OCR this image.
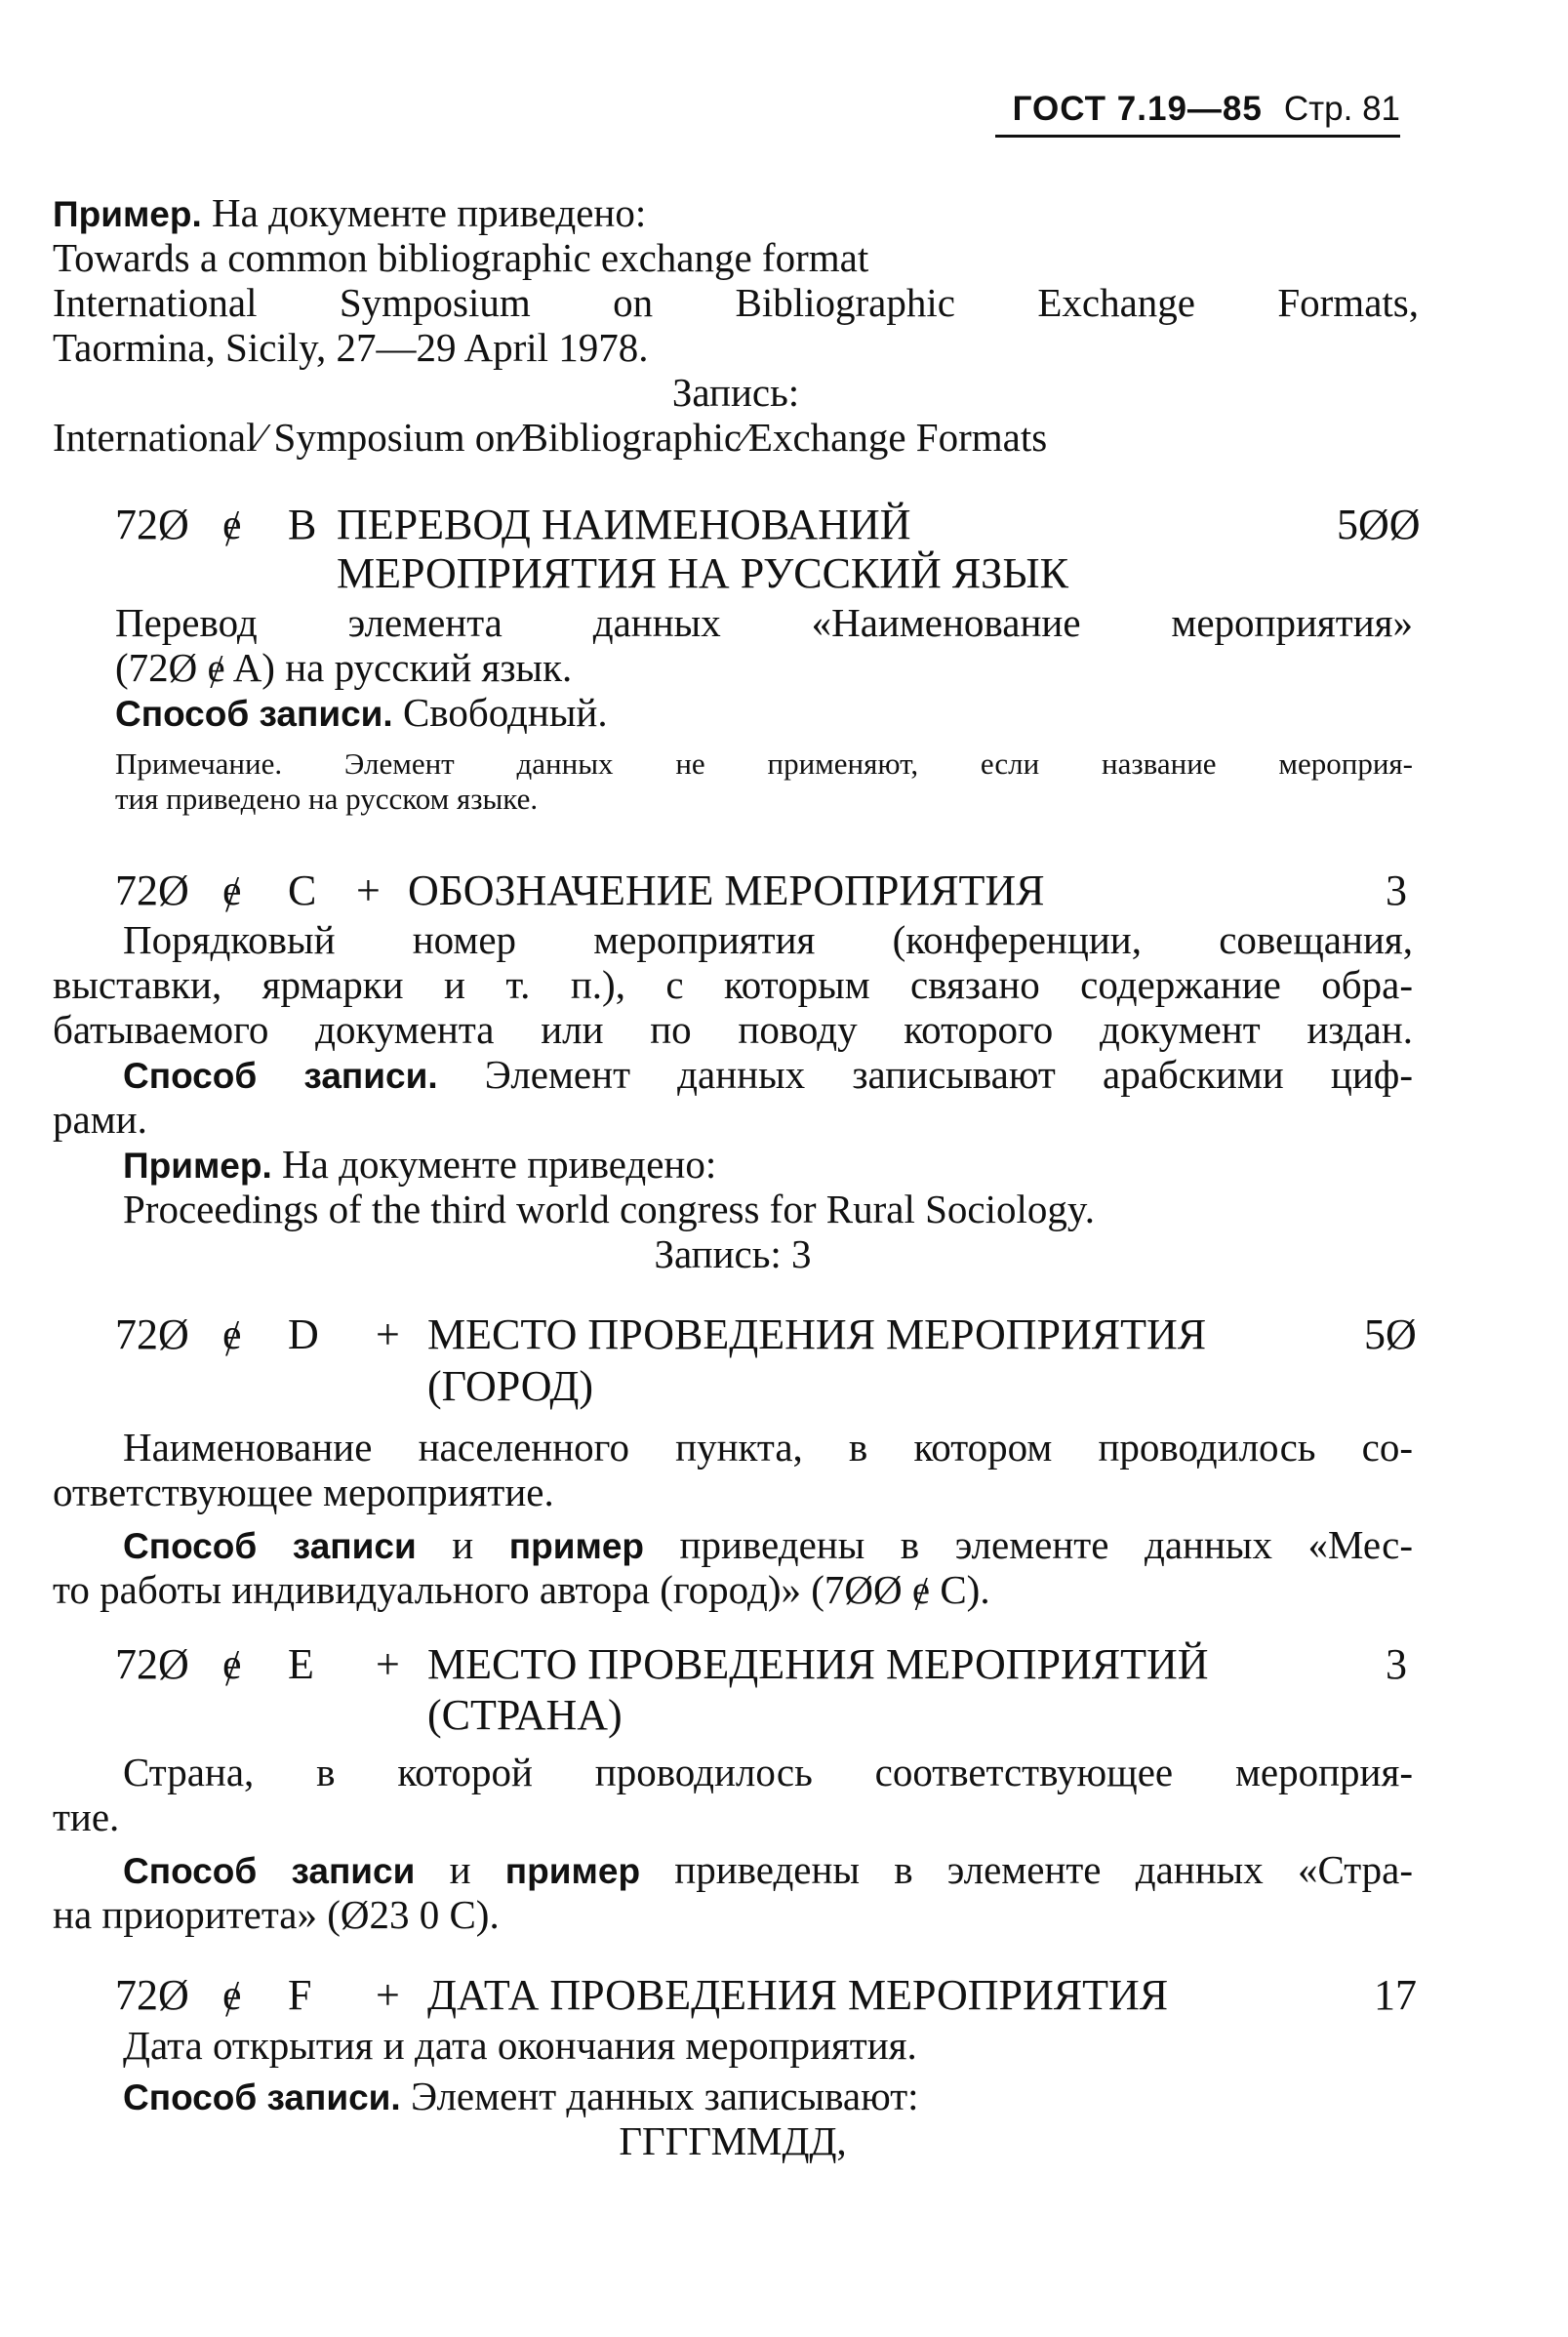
ГОСТ 7.19—85 Стр. 81
Пример. На документе приведено:
Towards a common bibliographic exchange format
International Symposium on Bibliographic Exchange Formats,
Taormina, Sicily, 27—29 April 1978.
Запись:
International⁄ Symposium on⁄Bibliographic⁄Exchange Formats
72Ø ɇ B ПЕРЕВОД НАИМЕНОВАНИЙ	5ØØ
МЕРОПРИЯТИЯ НА РУССКИЙ ЯЗЫК
Перевод элемента данных «Наименование мероприятия»
(72Ø ɇ A) на русский язык.
Способ записи. Свободный.
Примечание. Элемент данных не применяют, если название мероприя-
тия приведено на русском языке.
72Ø ɇ C + ОБОЗНАЧЕНИЕ МЕРОПРИЯТИЯ	3
Порядковый номер мероприятия (конференции, совещания,
выставки, ярмарки и т. п.), с которым связано содержание обра-
батываемого документа или по поводу которого документ издан.
Способ записи. Элемент данных записывают арабскими циф-
рами.
Пример. На документе приведено:
Proceedings of the third world congress for Rural Sociology.
Запись: 3
72Ø ɇ D + МЕСТО ПРОВЕДЕНИЯ МЕРОПРИЯТИЯ	5Ø
(ГОРОД)
Наименование населенного пункта, в котором проводилось со-
ответствующее мероприятие.
Способ записи и пример приведены в элементе данных «Мес-
то работы индивидуального автора (город)» (7ØØ ɇ C).
72Ø ɇ E + МЕСТО ПРОВЕДЕНИЯ МЕРОПРИЯТИЙ	3
(СТРАНА)
Страна, в которой проводилось соответствующее мероприя-
тие.
Способ записи и пример приведены в элементе данных «Стра-
на приоритета» (Ø23 0 C).
72Ø ɇ F + ДАТА ПРОВЕДЕНИЯ МЕРОПРИЯТИЯ	17
Дата открытия и дата окончания мероприятия.
Способ записи. Элемент данных записывают:
ГГГГММДД,
